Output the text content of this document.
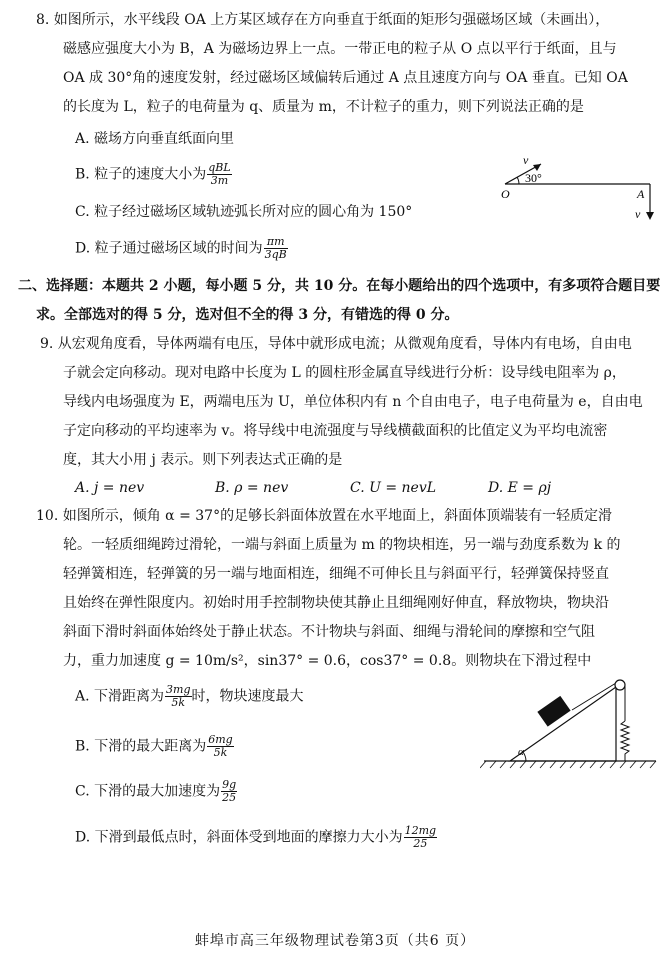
8. 如图所示，水平线段 OA 上方某区域存在方向垂直于纸面的矩形匀强磁场区域（未画出），
磁感应强度大小为 B，A 为磁场边界上一点。一带正电的粒子从 O 点以平行于纸面，且与
OA 成 30°角的速度发射，经过磁场区域偏转后通过 A 点且速度方向与 OA 垂直。已知 OA
的长度为 L，粒子的电荷量为 q、质量为 m，不计粒子的重力，则下列说法正确的是
A. 磁场方向垂直纸面向里
B. 粒子的速度大小为 $\frac{\text{qBL}}{3m}$
C. 粒子经过磁场区域轨迹弧长所对应的圆心角为 150°
D. 粒子通过磁场区域的时间为 $\frac{\pi m}{3qB}$
v
30°
O	A
v
二、选择题：本题共 2 小题，每小题 5 分，共 10 分。在每小题给出的四个选项中，有多项符合题目要
求。全部选对的得 5 分，选对但不全的得 3 分，有错选的得 0 分。
9. 从宏观角度看，导体两端有电压，导体中就形成电流；从微观角度看，导体内有电场，自由电
子就会定向移动。现对电路中长度为 L 的圆柱形金属直导线进行分析：设导线电阻率为 ρ，
导线内电场强度为 E，两端电压为 U，单位体积内有 n 个自由电子，电子电荷量为 e，自由电
子定向移动的平均速率为 v。将导线中电流强度与导线横截面积的比值定义为平均电流密
度，其大小用 j 表示。则下列表达式正确的是
A. j = nev	B. ρ = nev	C. U = nevL	D. E = ρj
10. 如图所示，倾角 α = 37°的足够长斜面体放置在水平地面上，斜面体顶端装有一轻质定滑
轮。一轻质细绳跨过滑轮，一端与斜面上质量为 m 的物块相连，另一端与劲度系数为 k 的
轻弹簧相连，轻弹簧的另一端与地面相连，细绳不可伸长且与斜面平行，轻弹簧保持竖直
且始终在弹性限度内。初始时用手控制物块使其静止且细绳刚好伸直，释放物块，物块沿
斜面下滑时斜面体始终处于静止状态。不计物块与斜面、细绳与滑轮间的摩擦和空气阻
力，重力加速度 g = 10m/s²，sin37° = 0.6，cos37° = 0.8。则物块在下滑过程中
A. 下滑距离为 $\frac{3mg}{5k}$ 时，物块速度最大
B. 下滑的最大距离为 $\frac{6mg}{5k}$
C. 下滑的最大加速度为 $\frac{9g}{25}$
D. 下滑到最低点时，斜面体受到地面的摩擦力大小为 $\frac{12mg}{25}$
α
蚌埠市高三年级物理试卷第3页（共6 页）
